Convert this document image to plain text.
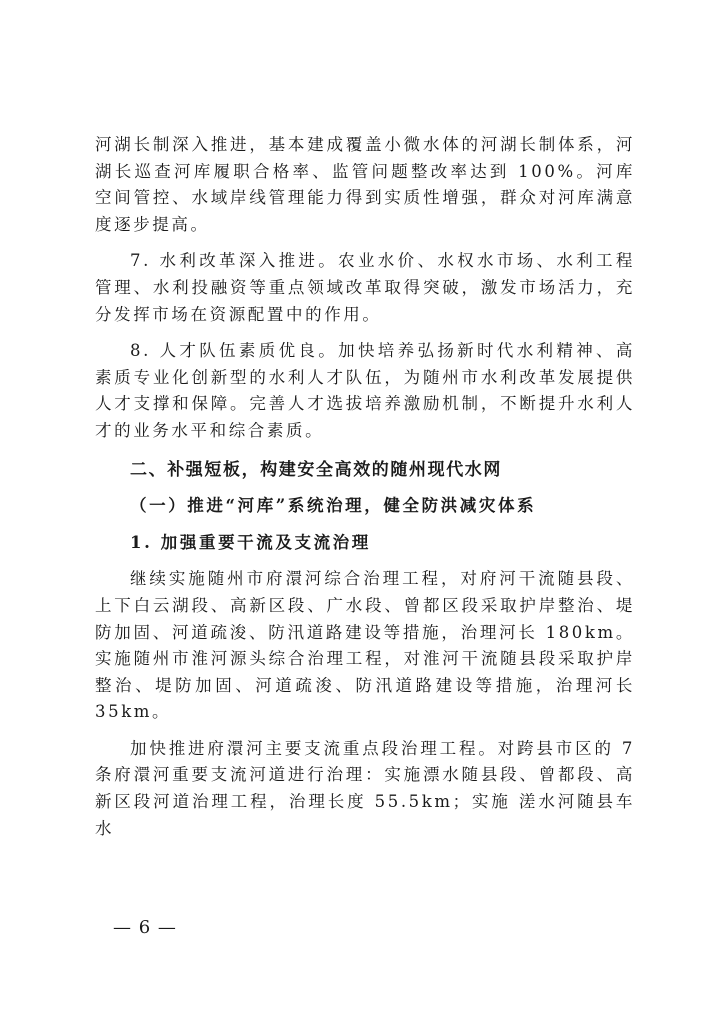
河湖长制深入推进，基本建成覆盖小微水体的河湖长制体系，河湖长巡查河库履职合格率、监管问题整改率达到 100%。河库空间管控、水域岸线管理能力得到实质性增强，群众对河库满意度逐步提高。

7. 水利改革深入推进。农业水价、水权水市场、水利工程管理、水利投融资等重点领域改革取得突破，激发市场活力，充分发挥市场在资源配置中的作用。

8. 人才队伍素质优良。加快培养弘扬新时代水利精神、高素质专业化创新型的水利人才队伍，为随州市水利改革发展提供人才支撑和保障。完善人才选拔培养激励机制，不断提升水利人才的业务水平和综合素质。

二、补强短板，构建安全高效的随州现代水网
（一）推进“河库”系统治理，健全防洪减灾体系
1. 加强重要干流及支流治理

继续实施随州市府澴河综合治理工程，对府河干流随县段、上下白云湖段、高新区段、广水段、曾都区段采取护岸整治、堤防加固、河道疏浚、防汛道路建设等措施，治理河长 180km。实施随州市淮河源头综合治理工程，对淮河干流随县段采取护岸整治、堤防加固、河道疏浚、防汛道路建设等措施，治理河长 35km。

加快推进府澴河主要支流重点段治理工程。对跨县市区的 7 条府澴河重要支流河道进行治理：实施漂水随县段、曾都段、高新区段河道治理工程，治理长度 55.5km；实施 溠水河随县车水

— 6 —
